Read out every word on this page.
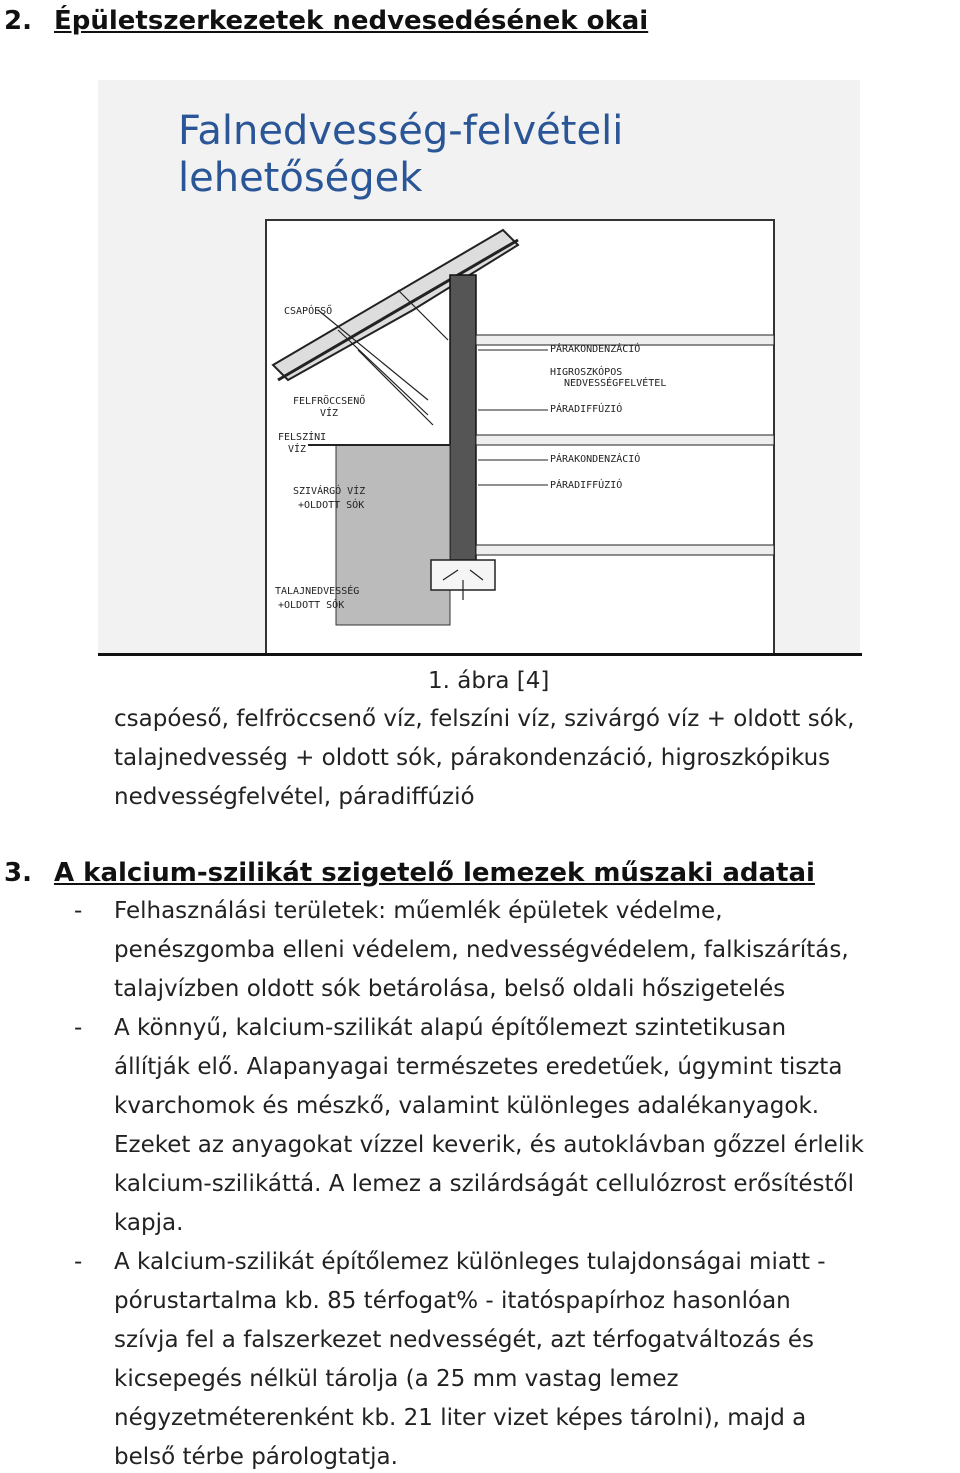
2. Épületszerkezetek nedvesedésének okai
Falnedvesség-felvételi
lehetőségek
CSAPÓESŐ
FELFRÖCCSENŐ
VÍZ
FELSZÍNI
VÍZ
SZIVÁRGÓ VÍZ
+OLDOTT SÓK
TALAJNEDVESSÉG
+OLDOTT SÓK
PÁRAKONDENZÁCIÓ
HIGROSZKÓPOS
NEDVESSÉGFELVÉTEL
PÁRADIFFÚZIÓ
PÁRAKONDENZÁCIÓ
PÁRADIFFÚZIÓ
1. ábra [4]
csapóeső, felfröccsenő víz, felszíni víz, szivárgó víz + oldott sók,
talajnedvesség + oldott sók, párakondenzáció, higroszkópikus
nedvességfelvétel, páradiffúzió
3. A kalcium-szilikát szigetelő lemezek műszaki adatai
- Felhasználási területek: műemlék épületek védelme,
penészgomba elleni védelem, nedvességvédelem, falkiszárítás,
talajvízben oldott sók betárolása, belső oldali hőszigetelés
- A könnyű, kalcium-szilikát alapú építőlemezt szintetikusan
állítják elő. Alapanyagai természetes eredetűek, úgymint tiszta
kvarchomok és mészkő, valamint különleges adalékanyagok.
Ezeket az anyagokat vízzel keverik, és autoklávban gőzzel érlelik
kalcium-szilikáttá. A lemez a szilárdságát cellulózrost erősítéstől
kapja.
- A kalcium-szilikát építőlemez különleges tulajdonságai miatt -
pórustartalma kb. 85 térfogat% - itatóspapírhoz hasonlóan
szívja fel a falszerkezet nedvességét, azt térfogatváltozás és
kicsepegés nélkül tárolja (a 25 mm vastag lemez
négyzetméterenként kb. 21 liter vizet képes tárolni), majd a
belső térbe párologtatja.
